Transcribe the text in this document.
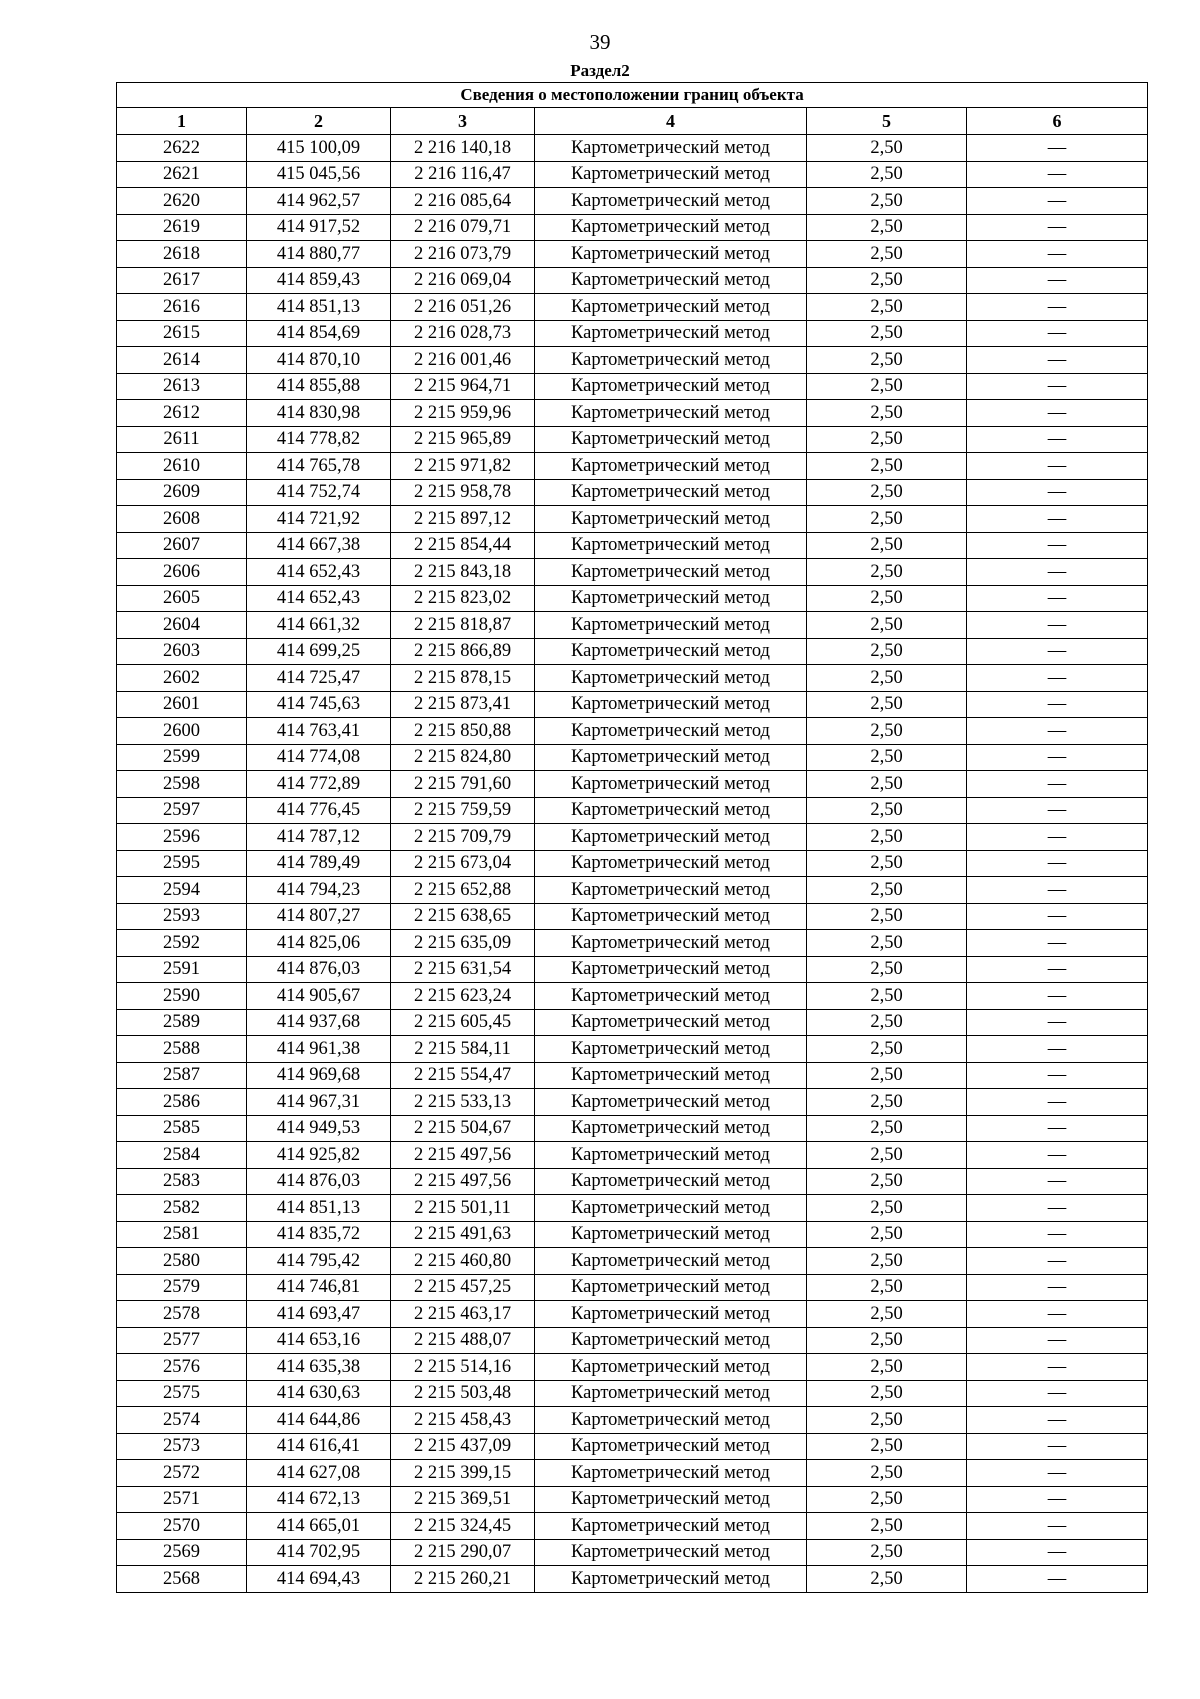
39
Раздел2
Сведения о местоположении границ объекта					
1	2	3	4	5	6
2622	415 100,09	2 216 140,18	Картометрический метод	2,50	—
2621	415 045,56	2 216 116,47	Картометрический метод	2,50	—
2620	414 962,57	2 216 085,64	Картометрический метод	2,50	—
2619	414 917,52	2 216 079,71	Картометрический метод	2,50	—
2618	414 880,77	2 216 073,79	Картометрический метод	2,50	—
2617	414 859,43	2 216 069,04	Картометрический метод	2,50	—
2616	414 851,13	2 216 051,26	Картометрический метод	2,50	—
2615	414 854,69	2 216 028,73	Картометрический метод	2,50	—
2614	414 870,10	2 216 001,46	Картометрический метод	2,50	—
2613	414 855,88	2 215 964,71	Картометрический метод	2,50	—
2612	414 830,98	2 215 959,96	Картометрический метод	2,50	—
2611	414 778,82	2 215 965,89	Картометрический метод	2,50	—
2610	414 765,78	2 215 971,82	Картометрический метод	2,50	—
2609	414 752,74	2 215 958,78	Картометрический метод	2,50	—
2608	414 721,92	2 215 897,12	Картометрический метод	2,50	—
2607	414 667,38	2 215 854,44	Картометрический метод	2,50	—
2606	414 652,43	2 215 843,18	Картометрический метод	2,50	—
2605	414 652,43	2 215 823,02	Картометрический метод	2,50	—
2604	414 661,32	2 215 818,87	Картометрический метод	2,50	—
2603	414 699,25	2 215 866,89	Картометрический метод	2,50	—
2602	414 725,47	2 215 878,15	Картометрический метод	2,50	—
2601	414 745,63	2 215 873,41	Картометрический метод	2,50	—
2600	414 763,41	2 215 850,88	Картометрический метод	2,50	—
2599	414 774,08	2 215 824,80	Картометрический метод	2,50	—
2598	414 772,89	2 215 791,60	Картометрический метод	2,50	—
2597	414 776,45	2 215 759,59	Картометрический метод	2,50	—
2596	414 787,12	2 215 709,79	Картометрический метод	2,50	—
2595	414 789,49	2 215 673,04	Картометрический метод	2,50	—
2594	414 794,23	2 215 652,88	Картометрический метод	2,50	—
2593	414 807,27	2 215 638,65	Картометрический метод	2,50	—
2592	414 825,06	2 215 635,09	Картометрический метод	2,50	—
2591	414 876,03	2 215 631,54	Картометрический метод	2,50	—
2590	414 905,67	2 215 623,24	Картометрический метод	2,50	—
2589	414 937,68	2 215 605,45	Картометрический метод	2,50	—
2588	414 961,38	2 215 584,11	Картометрический метод	2,50	—
2587	414 969,68	2 215 554,47	Картометрический метод	2,50	—
2586	414 967,31	2 215 533,13	Картометрический метод	2,50	—
2585	414 949,53	2 215 504,67	Картометрический метод	2,50	—
2584	414 925,82	2 215 497,56	Картометрический метод	2,50	—
2583	414 876,03	2 215 497,56	Картометрический метод	2,50	—
2582	414 851,13	2 215 501,11	Картометрический метод	2,50	—
2581	414 835,72	2 215 491,63	Картометрический метод	2,50	—
2580	414 795,42	2 215 460,80	Картометрический метод	2,50	—
2579	414 746,81	2 215 457,25	Картометрический метод	2,50	—
2578	414 693,47	2 215 463,17	Картометрический метод	2,50	—
2577	414 653,16	2 215 488,07	Картометрический метод	2,50	—
2576	414 635,38	2 215 514,16	Картометрический метод	2,50	—
2575	414 630,63	2 215 503,48	Картометрический метод	2,50	—
2574	414 644,86	2 215 458,43	Картометрический метод	2,50	—
2573	414 616,41	2 215 437,09	Картометрический метод	2,50	—
2572	414 627,08	2 215 399,15	Картометрический метод	2,50	—
2571	414 672,13	2 215 369,51	Картометрический метод	2,50	—
2570	414 665,01	2 215 324,45	Картометрический метод	2,50	—
2569	414 702,95	2 215 290,07	Картометрический метод	2,50	—
2568	414 694,43	2 215 260,21	Картометрический метод	2,50	—
